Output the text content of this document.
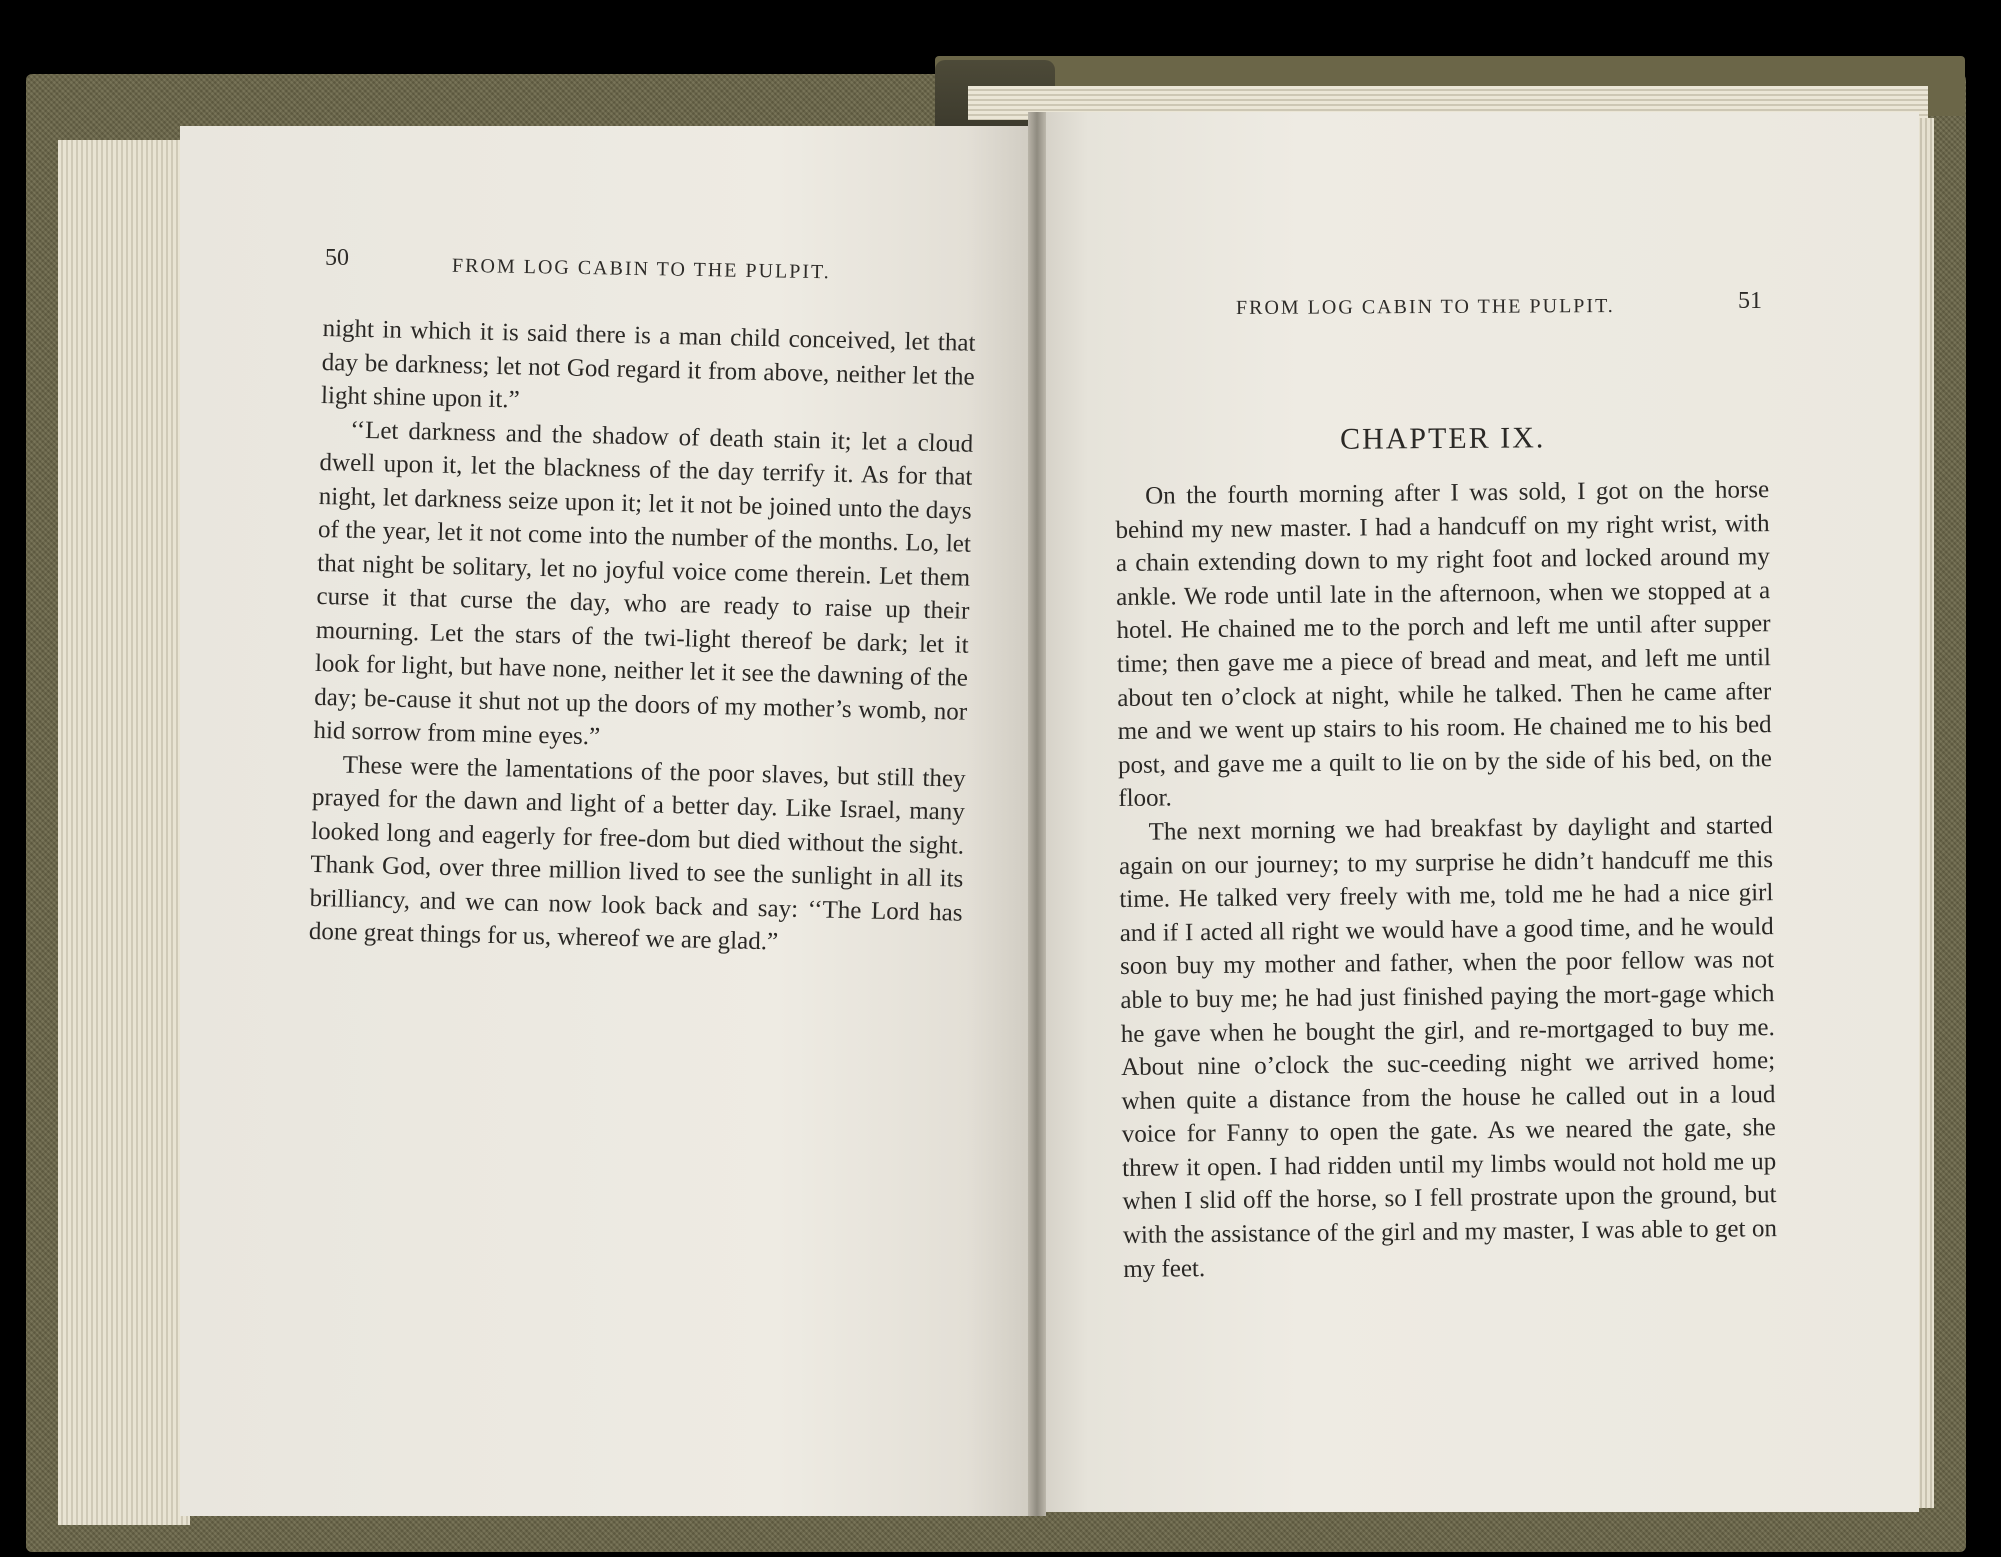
50	FROM LOG CABIN TO THE PULPIT.

night in which it is said there is a man child conceived, let that day be darkness; let not God regard it from above, neither let the light shine upon it.”

‘‘Let darkness and the shadow of death stain it; let a cloud dwell upon it, let the blackness of the day terrify it. As for that night, let darkness seize upon it; let it not be joined unto the days of the year, let it not come into the number of the months. Lo, let that night be solitary, let no joyful voice come therein. Let them curse it that curse the day, who are ready to raise up their mourning. Let the stars of the twi-light thereof be dark; let it look for light, but have none, neither let it see the dawning of the day; be-cause it shut not up the doors of my mother’s womb, nor hid sorrow from mine eyes.”

These were the lamentations of the poor slaves, but still they prayed for the dawn and light of a better day. Like Israel, many looked long and eagerly for free-dom but died without the sight. Thank God, over three million lived to see the sunlight in all its brilliancy, and we can now look back and say: ‘‘The Lord has done great things for us, whereof we are glad.”

FROM LOG CABIN TO THE PULPIT.	51
CHAPTER IX.

On the fourth morning after I was sold, I got on the horse behind my new master. I had a handcuff on my right wrist, with a chain extending down to my right foot and locked around my ankle. We rode until late in the afternoon, when we stopped at a hotel. He chained me to the porch and left me until after supper time; then gave me a piece of bread and meat, and left me until about ten o’clock at night, while he talked. Then he came after me and we went up stairs to his room. He chained me to his bed post, and gave me a quilt to lie on by the side of his bed, on the floor.

The next morning we had breakfast by daylight and started again on our journey; to my surprise he didn’t handcuff me this time. He talked very freely with me, told me he had a nice girl and if I acted all right we would have a good time, and he would soon buy my mother and father, when the poor fellow was not able to buy me; he had just finished paying the mort-gage which he gave when he bought the girl, and re-mortgaged to buy me. About nine o’clock the suc-ceeding night we arrived home; when quite a distance from the house he called out in a loud voice for Fanny to open the gate. As we neared the gate, she threw it open. I had ridden until my limbs would not hold me up when I slid off the horse, so I fell prostrate upon the ground, but with the assistance of the girl and my master, I was able to get on my feet.
